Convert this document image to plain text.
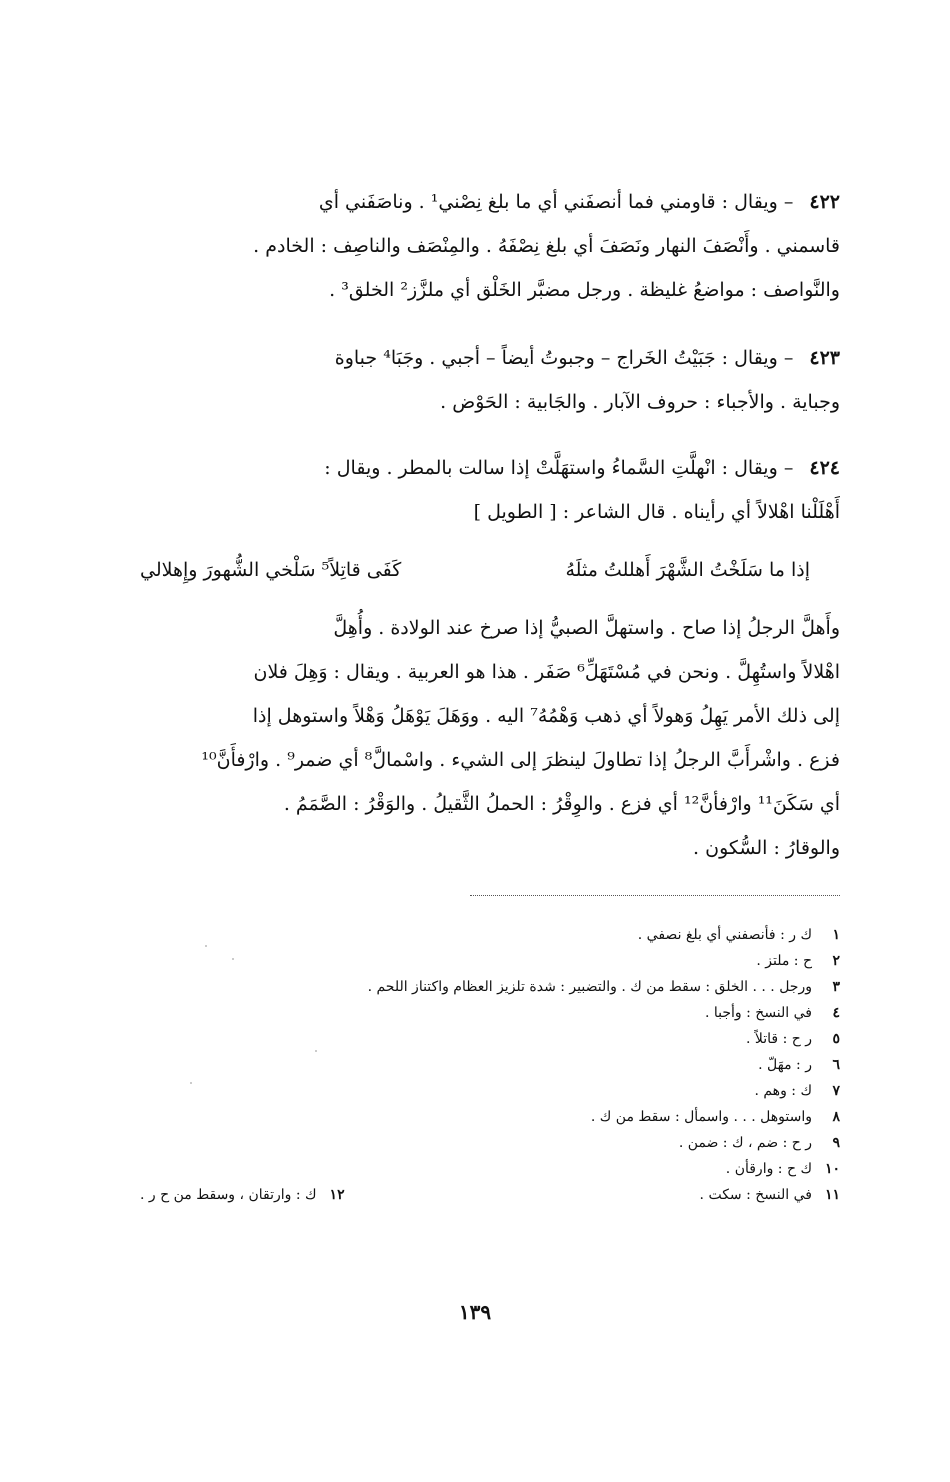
٤٢٢ – ويقال : قاومني فما أنصفَني أي ما بلغ نِصْني¹ . وناصَفَني أي
قاسمني . وأَنْصَفَ النهار ونَصَفَ أي بلغ نِصْفَهُ . والمِنْصَف والناصِف : الخادم .
والنَّواصف : مواضعُ غليظة . ورجل مضبَّر الخَلْق أي ملزَّز² الخلق³ .
٤٢٣ – ويقال : جَبَيْتُ الخَراج – وجبوتُ أيضاً – أجبي . وجَبَا⁴ جباوة
وجباية . والأجباء : حروف الآبار . والجَابية : الحَوْض .
٤٢٤ – ويقال : انْهلَّتِ السَّماءُ واستهَلَّتْ إذا سالت بالمطر . ويقال :
أَهْلَلْنا اهْلالاً أي رأيناه . قال الشاعر : [ الطويل ]
إذا ما سَلَخْتُ الشَّهْرَ أَهللتُ مثلَهُ
كَفَى قاتِلاً⁵ سَلْخي الشُّهورَ وإِهلالي
وأَهلَّ الرجلُ إذا صاح . واستهلَّ الصبيُّ إذا صرخ عند الولادة . وأُهِلَّ
اهْلالاً واستُهِلَّ . ونحن في مُسْتَهَلِّ⁶ صَفَر . هذا هو العربية . ويقال : وَهِلَ فلان
إلى ذلك الأمر يَهِلُ وَهولاً أي ذهب وَهْمُهُ⁷ اليه . ووَهَلَ يَوْهَلُ وَهْلاً واستوهل إذا
فزع . واشْرأَبَّ الرجلُ إذا تطاولَ لينظرَ إلى الشيء . واسْمالَّ⁸ أي ضمر⁹ . وارْفأَنَّ¹⁰
أي سَكَنَ¹¹ وارْفأنَّ¹² أي فزع . والوِقْرُ : الحملُ الثَّقيلُ . والوَقْرُ : الصَّمَمُ .
والوقارُ : السُّكون .
١ك ر : فأنصفني أي بلغ نصفي .
٢ح : ملتز .
٣ورجل . . . الخلق : سقط من ك . والتضبير : شدة تلزيز العظام واكتناز اللحم .
٤في النسخ : وأجبا .
٥ر ح : قاتلاً .
٦ر : مهَلّ .
٧ك : وهم .
٨واستوهل . . . واسمأل : سقط من ك .
٩ر ح : ضم ، ك : ضمن .
١٠ك ح : وارقأن .
١١في النسخ : سكت .
١٢ك : وارتقان ، وسقط من ح ر .
١٣٩
